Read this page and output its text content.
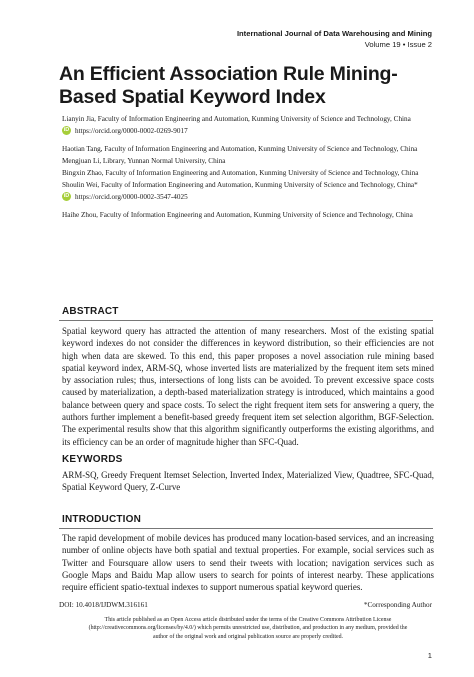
International Journal of Data Warehousing and Mining
Volume 19 • Issue 2
An Efficient Association Rule Mining-Based Spatial Keyword Index
Lianyin Jia, Faculty of Information Engineering and Automation, Kunming University of Science and Technology, China
iD https://orcid.org/0000-0002-0269-9017
Haotian Tang, Faculty of Information Engineering and Automation, Kunming University of Science and Technology, China
Mengjuan Li, Library, Yunnan Normal University, China
Bingxin Zhao, Faculty of Information Engineering and Automation, Kunming University of Science and Technology, China
Shoulin Wei, Faculty of Information Engineering and Automation, Kunming University of Science and Technology, China*
iD https://orcid.org/0000-0002-3547-4025
Haihe Zhou, Faculty of Information Engineering and Automation, Kunming University of Science and Technology, China
ABSTRACT

Spatial keyword query has attracted the attention of many researchers. Most of the existing spatial keyword indexes do not consider the differences in keyword distribution, so their efficiencies are not high when data are skewed. To this end, this paper proposes a novel association rule mining based spatial keyword index, ARM-SQ, whose inverted lists are materialized by the frequent item sets mined by association rules; thus, intersections of long lists can be avoided. To prevent excessive space costs caused by materialization, a depth-based materialization strategy is introduced, which maintains a good balance between query and space costs. To select the right frequent item sets for answering a query, the authors further implement a benefit-based greedy frequent item set selection algorithm, BGF-Selection. The experimental results show that this algorithm significantly outperforms the existing algorithms, and its efficiency can be an order of magnitude higher than SFC-Quad.

KEYWORDS

ARM-SQ, Greedy Frequent Itemset Selection, Inverted Index, Materialized View, Quadtree, SFC-Quad, Spatial Keyword Query, Z-Curve

INTRODUCTION

The rapid development of mobile devices has produced many location-based services, and an increasing number of online objects have both spatial and textual properties. For example, social services such as Twitter and Foursquare allow users to send their tweets with location; navigation services such as Google Maps and Baidu Map allow users to search for points of interest nearby. These applications require efficient spatio-textual indexes to support numerous spatial keyword queries.

DOI: 10.4018/IJDWM.316161	*Corresponding Author
This article published as an Open Access article distributed under the terms of the Creative Commons Attribution License (http://creativecommons.org/licenses/by/4.0/) which permits unrestricted use, distribution, and production in any medium, provided the author of the original work and original publication source are properly credited.
1
